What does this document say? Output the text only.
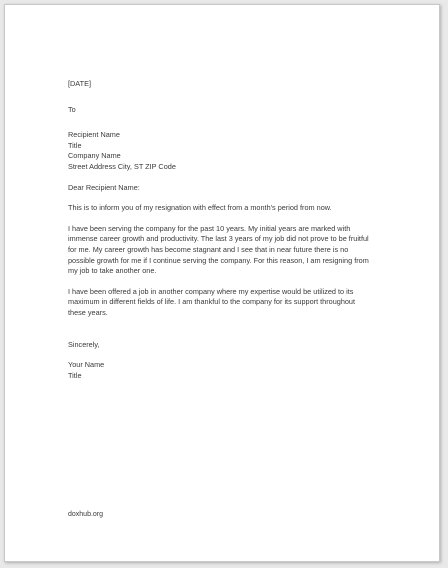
[DATE]
To
Recipient Name
Title
Company Name
Street Address City, ST ZIP Code
Dear Recipient Name:

This is to inform you of my resignation with effect from a month's period from now.

I have been serving the company for the past 10 years. My initial years are marked with
immense career growth and productivity. The last 3 years of my job did not prove to be fruitful
for me. My career growth has become stagnant and I see that in near future there is no
possible growth for me if I continue serving the company. For this reason, I am resigning from
my job to take another one.

I have been offered a job in another company where my expertise would be utilized to its
maximum in different fields of life. I am thankful to the company for its support throughout
these years.

Sincerely,
Your Name
Title
doxhub.org
